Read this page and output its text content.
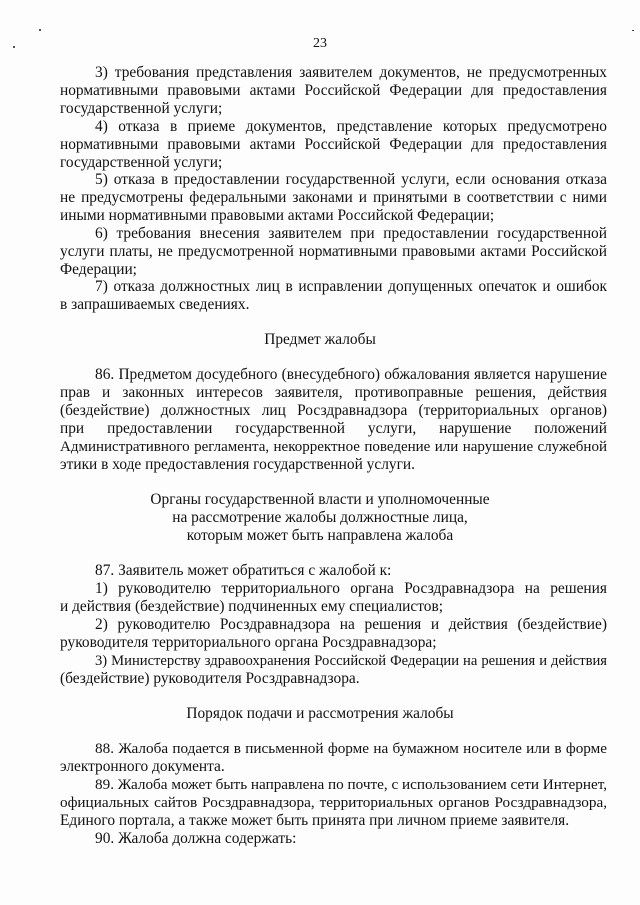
23
3) требования представления заявителем документов, не предусмотренных
нормативными правовыми актами Российской Федерации для предоставления
государственной услуги;
4) отказа в приеме документов, представление которых предусмотрено
нормативными правовыми актами Российской Федерации для предоставления
государственной услуги;
5) отказа в предоставлении государственной услуги, если основания отказа
не предусмотрены федеральными законами и принятыми в соответствии с ними
иными нормативными правовыми актами Российской Федерации;
6) требования внесения заявителем при предоставлении государственной
услуги платы, не предусмотренной нормативными правовыми актами Российской
Федерации;
7) отказа должностных лиц в исправлении допущенных опечаток и ошибок
в запрашиваемых сведениях.
Предмет жалобы
86. Предметом досудебного (внесудебного) обжалования является нарушение
прав и законных интересов заявителя, противоправные решения, действия
(бездействие) должностных лиц Росздравнадзора (территориальных органов)
при предоставлении государственной услуги, нарушение положений
Административного регламента, некорректное поведение или нарушение служебной
этики в ходе предоставления государственной услуги.
Органы государственной власти и уполномоченные
на рассмотрение жалобы должностные лица,
которым может быть направлена жалоба
87. Заявитель может обратиться с жалобой к:
1) руководителю территориального органа Росздравнадзора на решения
и действия (бездействие) подчиненных ему специалистов;
2) руководителю Росздравнадзора на решения и действия (бездействие)
руководителя территориального органа Росздравнадзора;
3) Министерству здравоохранения Российской Федерации на решения и действия
(бездействие) руководителя Росздравнадзора.
Порядок подачи и рассмотрения жалобы
88. Жалоба подается в письменной форме на бумажном носителе или в форме
электронного документа.
89. Жалоба может быть направлена по почте, с использованием сети Интернет,
официальных сайтов Росздравнадзора, территориальных органов Росздравнадзора,
Единого портала, а также может быть принята при личном приеме заявителя.
90. Жалоба должна содержать:
